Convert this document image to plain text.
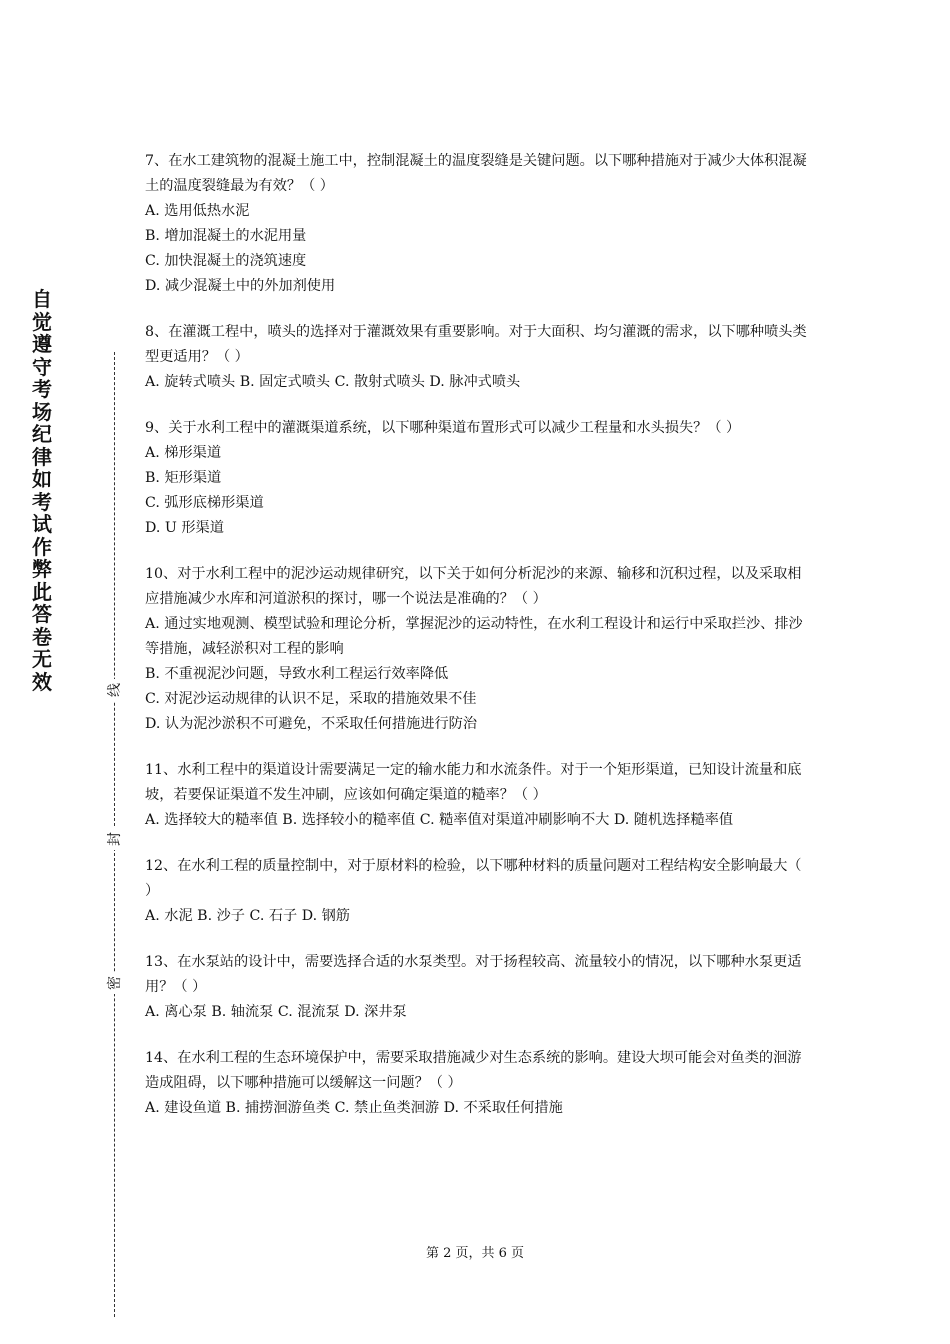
自觉遵守考场纪律如考试作弊此答卷无效	线
封
密

7、在水工建筑物的混凝土施工中，控制混凝土的温度裂缝是关键问题。以下哪种措施对于减少大体积混凝土的温度裂缝最为有效？（ ）

A. 选用低热水泥

B. 增加混凝土的水泥用量

C. 加快混凝土的浇筑速度

D. 减少混凝土中的外加剂使用

8、在灌溉工程中，喷头的选择对于灌溉效果有重要影响。对于大面积、均匀灌溉的需求，以下哪种喷头类型更适用？（ ）

A. 旋转式喷头 B. 固定式喷头 C. 散射式喷头 D. 脉冲式喷头

9、关于水利工程中的灌溉渠道系统，以下哪种渠道布置形式可以减少工程量和水头损失？（ ）

A. 梯形渠道

B. 矩形渠道

C. 弧形底梯形渠道

D. U 形渠道

10、对于水利工程中的泥沙运动规律研究，以下关于如何分析泥沙的来源、输移和沉积过程，以及采取相应措施减少水库和河道淤积的探讨，哪一个说法是准确的？（ ）

A. 通过实地观测、模型试验和理论分析，掌握泥沙的运动特性，在水利工程设计和运行中采取拦沙、排沙等措施，减轻淤积对工程的影响

B. 不重视泥沙问题，导致水利工程运行效率降低

C. 对泥沙运动规律的认识不足，采取的措施效果不佳

D. 认为泥沙淤积不可避免，不采取任何措施进行防治

11、水利工程中的渠道设计需要满足一定的输水能力和水流条件。对于一个矩形渠道，已知设计流量和底坡，若要保证渠道不发生冲刷，应该如何确定渠道的糙率？（ ）

A. 选择较大的糙率值 B. 选择较小的糙率值 C. 糙率值对渠道冲刷影响不大 D. 随机选择糙率值

12、在水利工程的质量控制中，对于原材料的检验，以下哪种材料的质量问题对工程结构安全影响最大（ ）

A. 水泥 B. 沙子 C. 石子 D. 钢筋

13、在水泵站的设计中，需要选择合适的水泵类型。对于扬程较高、流量较小的情况，以下哪种水泵更适用？（ ）

A. 离心泵 B. 轴流泵 C. 混流泵 D. 深井泵

14、在水利工程的生态环境保护中，需要采取措施减少对生态系统的影响。建设大坝可能会对鱼类的洄游造成阻碍，以下哪种措施可以缓解这一问题？（ ）

A. 建设鱼道 B. 捕捞洄游鱼类 C. 禁止鱼类洄游 D. 不采取任何措施

第 2 页，共 6 页
